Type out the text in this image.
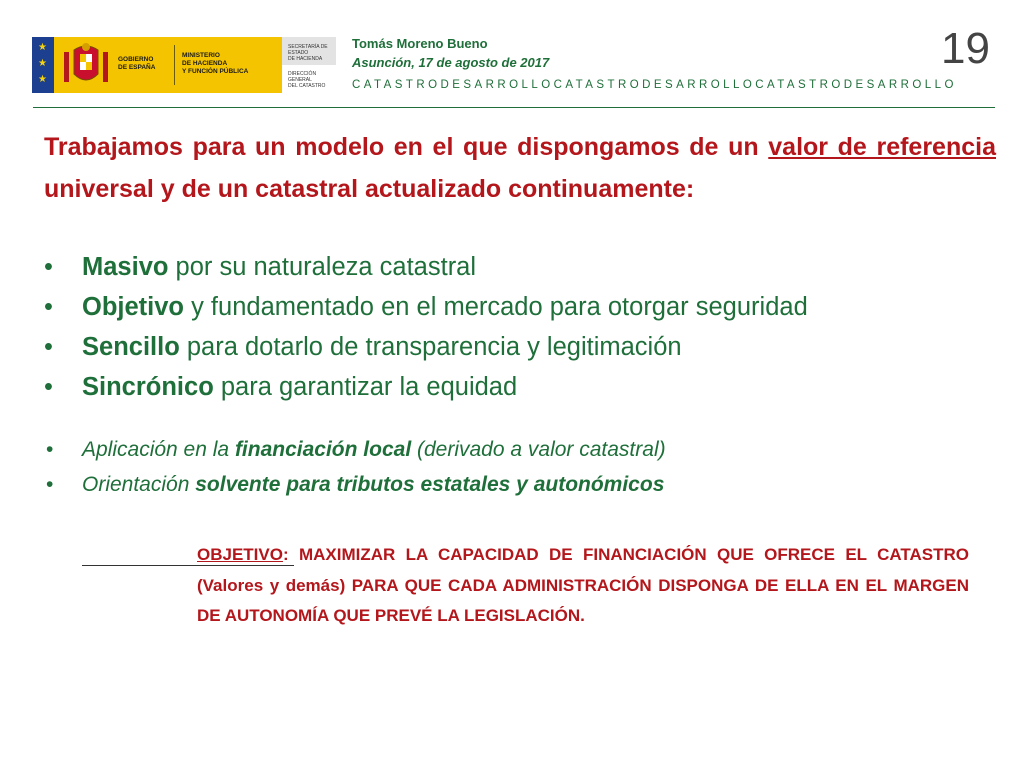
★
★
★
GOBIERNO
DE ESPAÑA
MINISTERIO
DE HACIENDA
Y FUNCIÓN PÚBLICA
SECRETARÍA DE ESTADO
DE HACIENDA
DIRECCIÓN GENERAL
DEL CATASTRO
Tomás Moreno Bueno
Asunción, 17 de agosto de 2017	19
CATASTRODESARROLLOCATASTRODESARROLLOCATASTRODESARROLLO
Trabajamos para un modelo en el que dispongamos de un valor de referencia universal y de un catastral actualizado continuamente:
• Masivo por su naturaleza catastral
• Objetivo y fundamentado en el mercado para otorgar seguridad
• Sencillo para dotarlo de transparencia y legitimación
• Sincrónico para garantizar la equidad
• Aplicación en la financiación local (derivado a valor catastral)
• Orientación solvente para tributos estatales y autonómicos
OBJETIVO: MAXIMIZAR LA CAPACIDAD DE FINANCIACIÓN QUE OFRECE EL CATASTRO (Valores y demás) PARA QUE CADA ADMINISTRACIÓN DISPONGA DE ELLA EN EL MARGEN DE AUTONOMÍA QUE PREVÉ LA LEGISLACIÓN.
